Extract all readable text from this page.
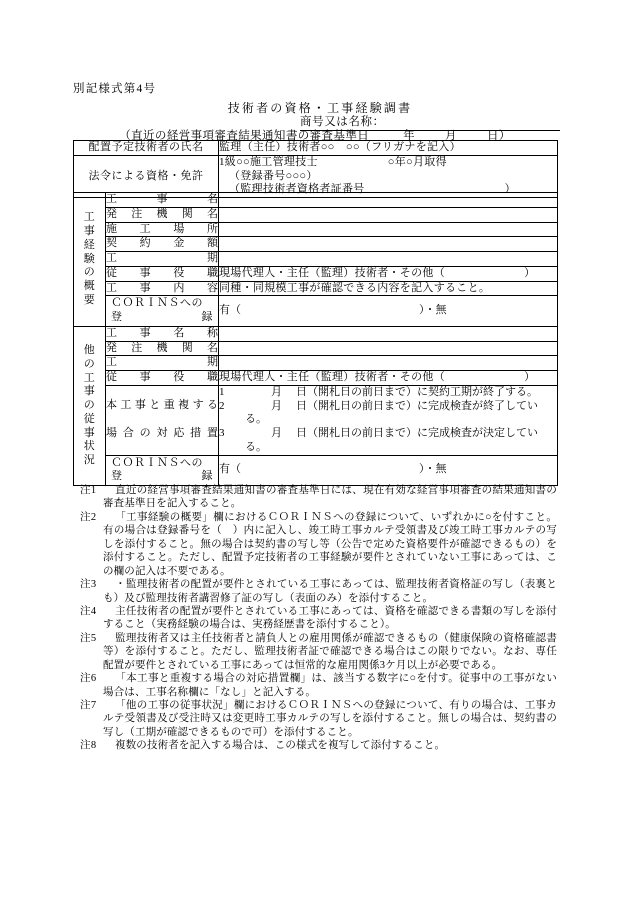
別記様式第4号
技術者の資格・工事経験調書
商号又は名称：
（直近の経営事項審査結果通知書の審査基準日	年	月	日）
配置予定技術者の氏名	監理（主任）技術者○○　○○（フリガナを記入）
法令による資格・免許	1級○○施工管理技士 ○年○月取得
（登録番号○○○）
（監理技術者資格者証番号 ）
工
事
経
験
の
概
要
	工事名	
	発注機関名	
	施工場所	
	契約金額	
	工期	
	従事役職	現場代理人・主任（監理）技術者・その他（　　　　　　　）
	工事内容	同種・同規模工事が確認できる内容を記入すること。

	ＣＯＲＩＮＳへの
登録	有（ ）・無

他
の
工
事
の
従
事
状
況
	工事名称	
	発注機関名	
	工期	
	従事役職	現場代理人・主任（監理）技術者・その他（　　　　　　　）

	本工事と重複する
場合の対応措置	1 月 日（開札日の前日まで）に契約工期が終了する。
2 月 日（開札日の前日まで）に完成検査が終了してい
る。
3 月 日（開札日の前日まで）に完成検査が決定してい
る。

	ＣＯＲＩＮＳへの
登録	有（ ）・無
注1	直近の経営事項審査結果通知書の審査基準日には、現在有効な経営事項審査の結果通知書の審査基準日を記入すること。
注2	「工事経験の概要」欄におけるＣＯＲＩＮＳへの登録について、いずれかに○を付すこと。有の場合は登録番号を（　）内に記入し、竣工時工事カルテ受領書及び竣工時工事カルテの写しを添付すること。無の場合は契約書の写し等（公告で定めた資格要件が確認できるもの）を添付すること。ただし、配置予定技術者の工事経験が要件とされていない工事にあっては、この欄の記入は不要である。
注3	・監理技術者の配置が要件とされている工事にあっては、監理技術者資格証の写し（表裏とも）及び監理技術者講習修了証の写し（表面のみ）を添付すること。
注4	主任技術者の配置が要件とされている工事にあっては、資格を確認できる書類の写しを添付すること（実務経験の場合は、実務経歴書を添付すること）。
注5	監理技術者又は主任技術者と請負人との雇用関係が確認できるもの（健康保険の資格確認書等）を添付すること。ただし、監理技術者証で確認できる場合はこの限りでない。なお、専任配置が要件とされている工事にあっては恒常的な雇用関係3ケ月以上が必要である。
注6	「本工事と重複する場合の対応措置欄」は、該当する数字に○を付す。従事中の工事がない場合は、工事名称欄に「なし」と記入する。
注7	「他の工事の従事状況」欄におけるＣＯＲＩＮＳへの登録について、有りの場合は、工事カルテ受領書及び受注時又は変更時工事カルテの写しを添付すること。無しの場合は、契約書の写し（工期が確認できるもので可）を添付すること。
注8	複数の技術者を記入する場合は、この様式を複写して添付すること。
